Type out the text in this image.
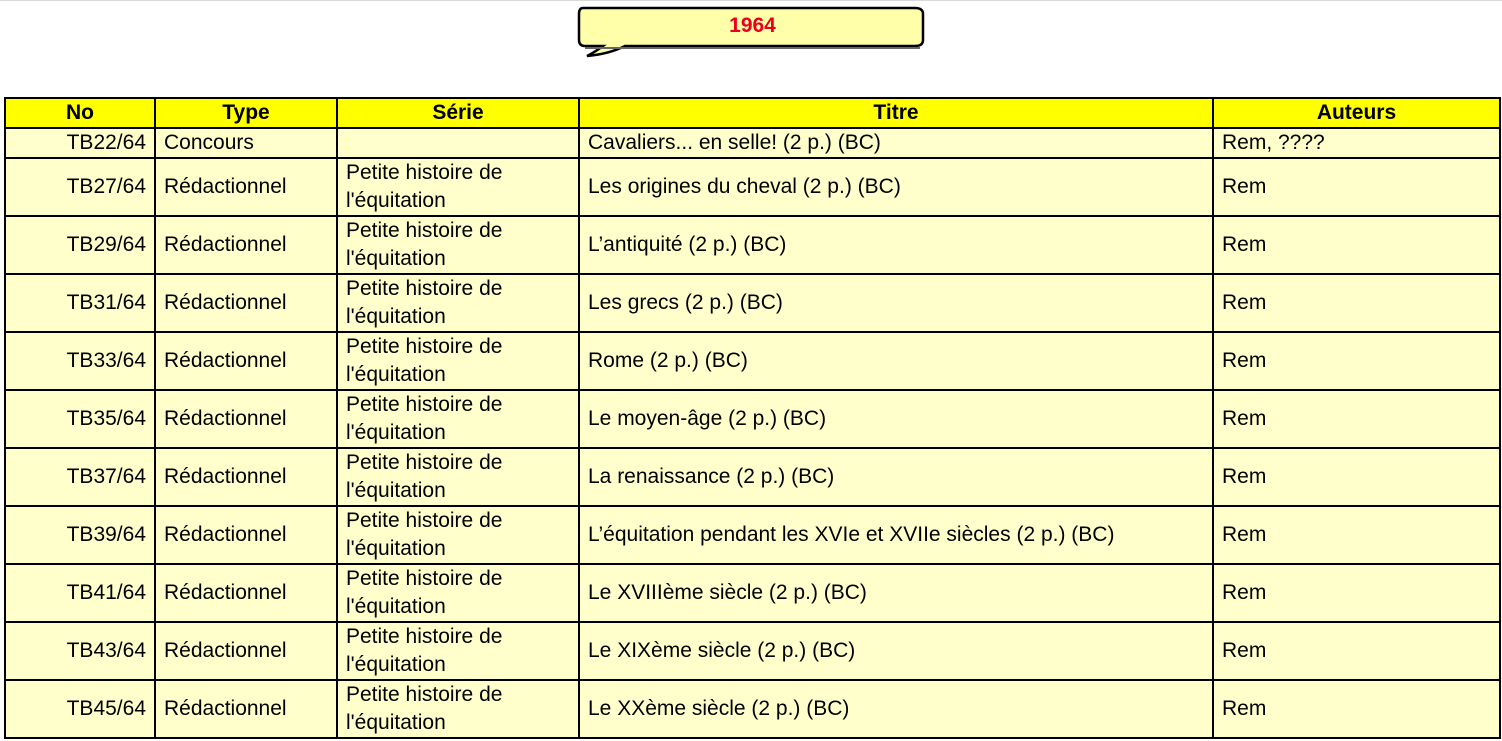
1964
No	Type	Série	Titre	Auteurs
TB22/64	Concours		Cavaliers... en selle! (2 p.) (BC)	Rem, ????
TB27/64	Rédactionnel	Petite histoire de l'équitation	Les origines du cheval (2 p.) (BC)	Rem
TB29/64	Rédactionnel	Petite histoire de l'équitation	L’antiquité (2 p.) (BC)	Rem
TB31/64	Rédactionnel	Petite histoire de l'équitation	Les grecs (2 p.) (BC)	Rem
TB33/64	Rédactionnel	Petite histoire de l'équitation	Rome (2 p.) (BC)	Rem
TB35/64	Rédactionnel	Petite histoire de l'équitation	Le moyen-âge (2 p.) (BC)	Rem
TB37/64	Rédactionnel	Petite histoire de l'équitation	La renaissance (2 p.) (BC)	Rem
TB39/64	Rédactionnel	Petite histoire de l'équitation	L’équitation pendant les XVIe et XVIIe siècles (2 p.) (BC)	Rem
TB41/64	Rédactionnel	Petite histoire de l'équitation	Le XVIIIème siècle (2 p.) (BC)	Rem
TB43/64	Rédactionnel	Petite histoire de l'équitation	Le XIXème siècle (2 p.) (BC)	Rem
TB45/64	Rédactionnel	Petite histoire de l'équitation	Le XXème siècle (2 p.) (BC)	Rem
